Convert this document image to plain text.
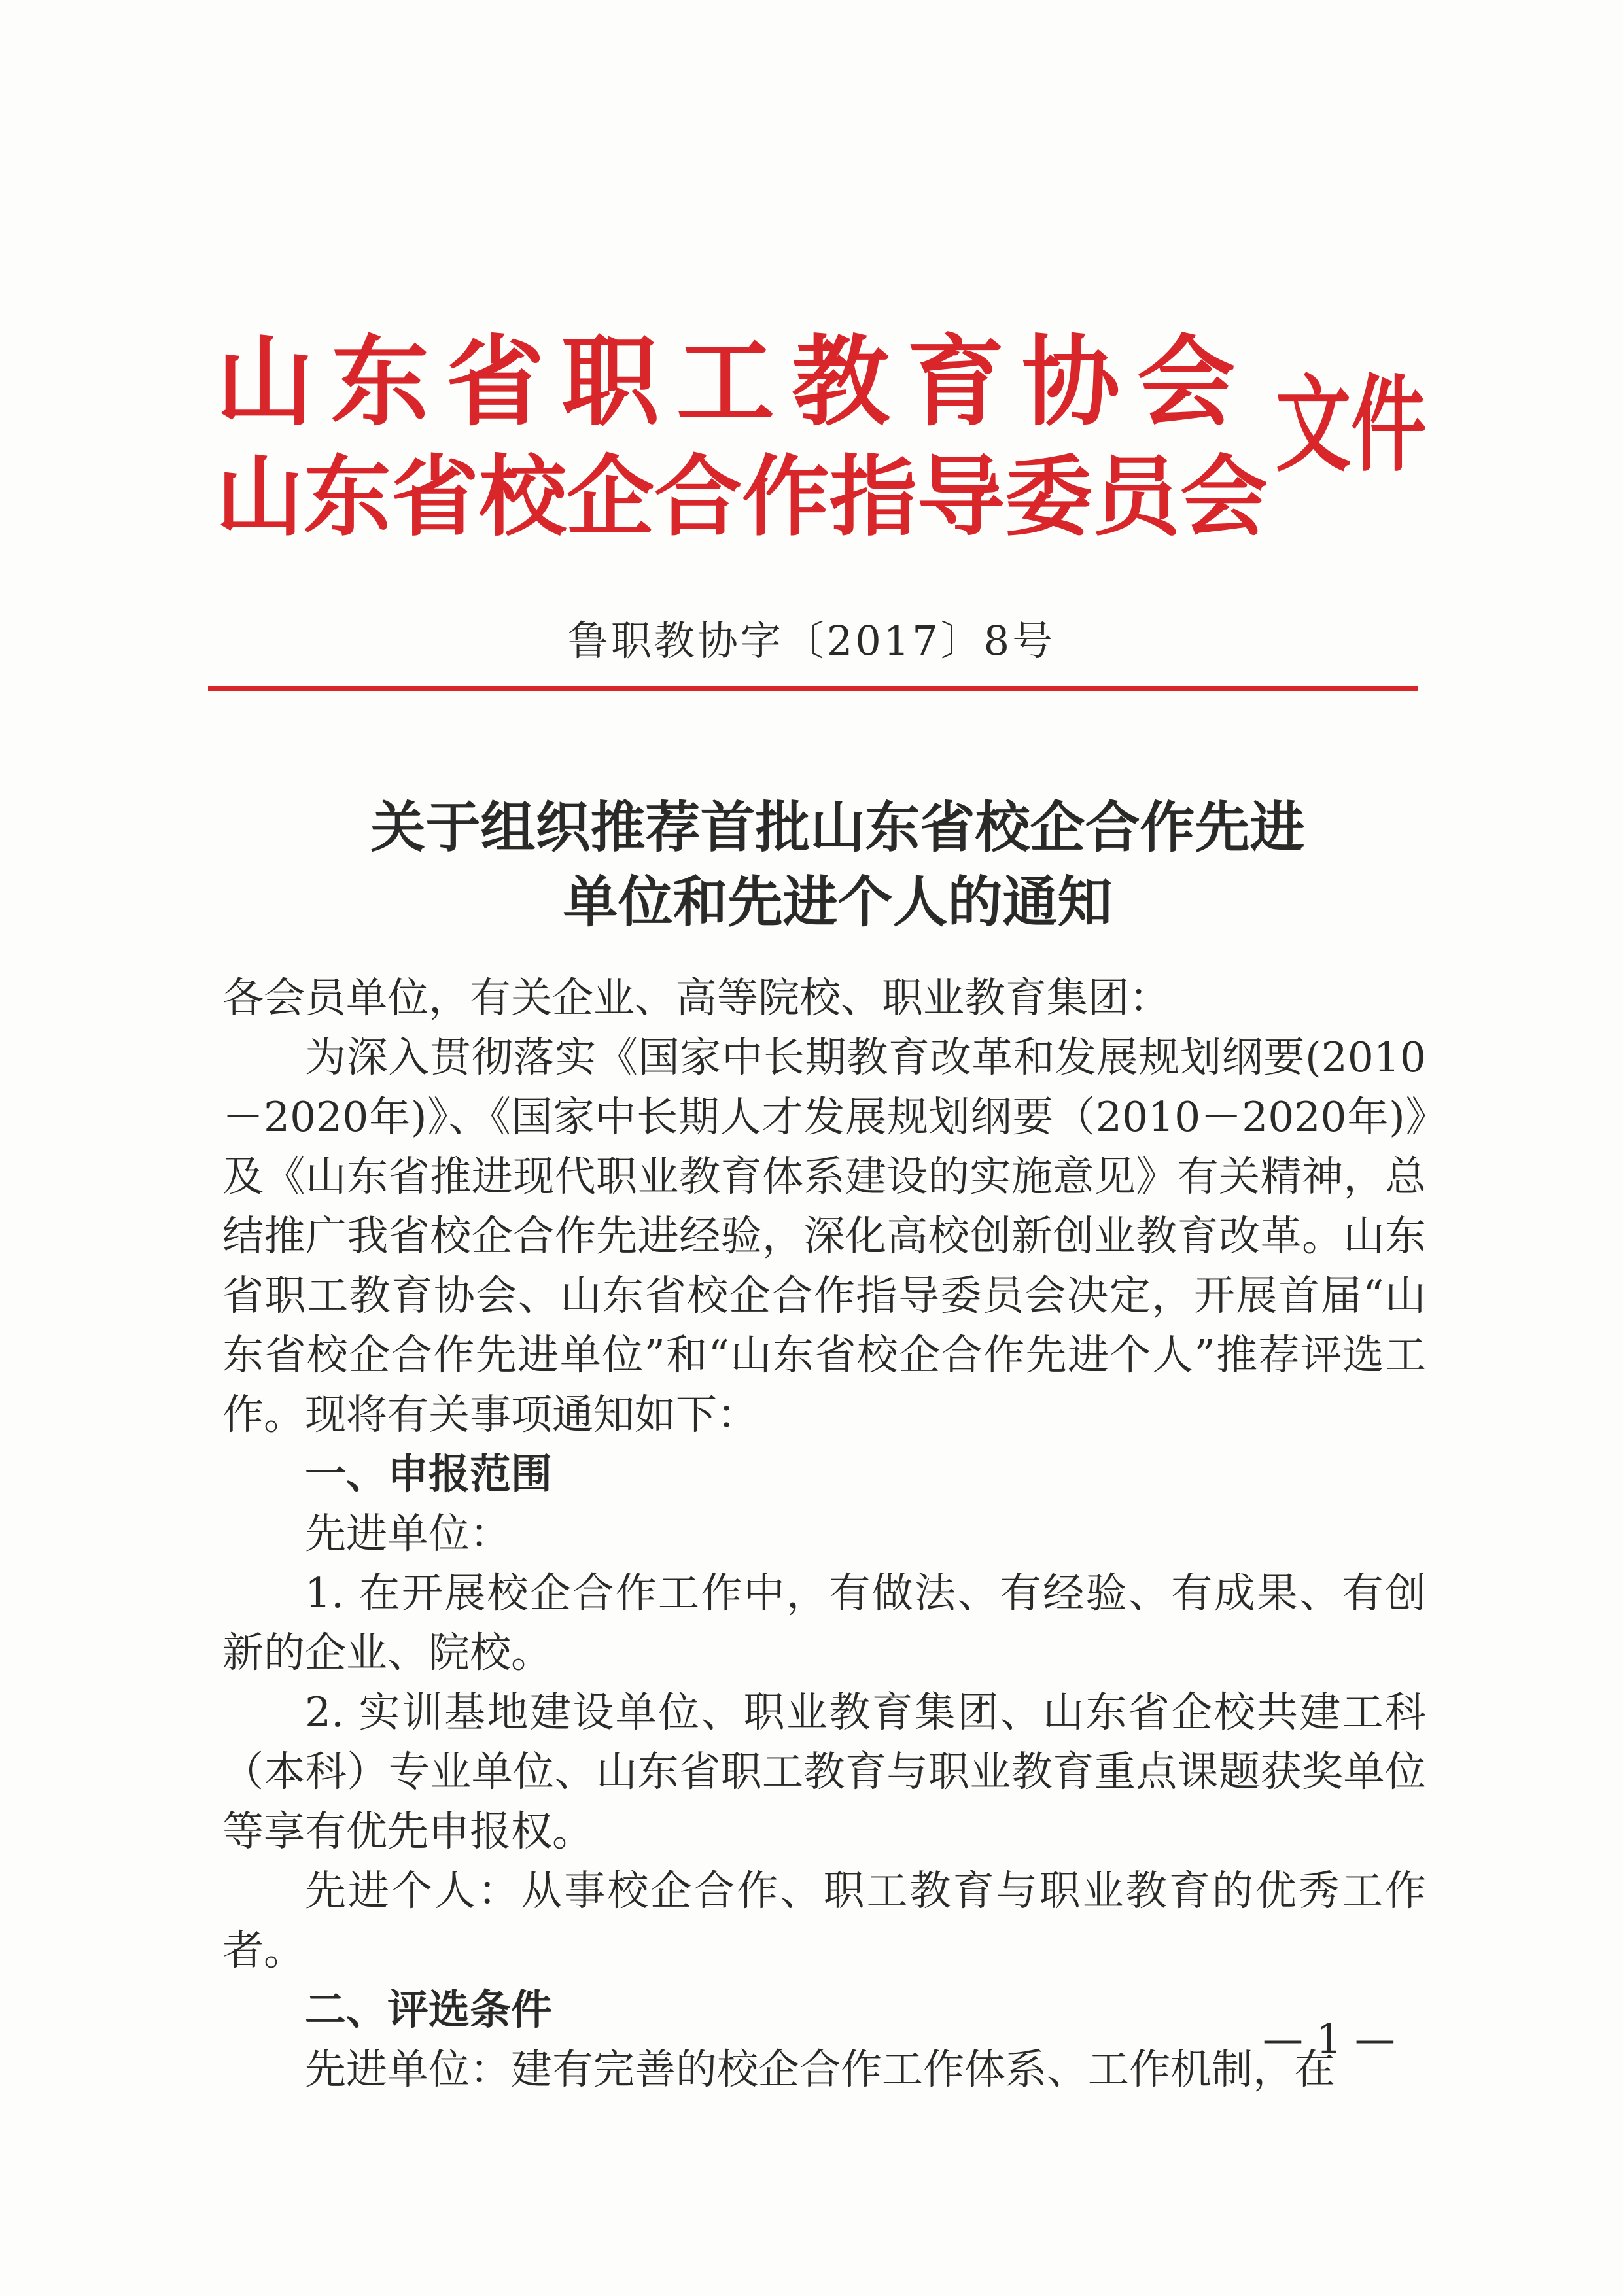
山东省职工教育协会
山东省校企合作指导委员会
文件
鲁职教协字〔2017〕8号
关于组织推荐首批山东省校企合作先进
单位和先进个人的通知

各会员单位，有关企业、高等院校、职业教育集团：

为深入贯彻落实《国家中长期教育改革和发展规划纲要(2010－2020年)》、《国家中长期人才发展规划纲要（2010－2020年)》及《山东省推进现代职业教育体系建设的实施意见》有关精神，总结推广我省校企合作先进经验，深化高校创新创业教育改革。山东省职工教育协会、山东省校企合作指导委员会决定，开展首届“山东省校企合作先进单位”和“山东省校企合作先进个人”推荐评选工作。现将有关事项通知如下：

一、申报范围

先进单位：

1. 在开展校企合作工作中，有做法、有经验、有成果、有创新的企业、院校。

2. 实训基地建设单位、职业教育集团、山东省企校共建工科（本科）专业单位、山东省职工教育与职业教育重点课题获奖单位等享有优先申报权。

先进个人：从事校企合作、职工教育与职业教育的优秀工作者。

二、评选条件

先进单位：建有完善的校企合作工作体系、工作机制，在

— 1 —
